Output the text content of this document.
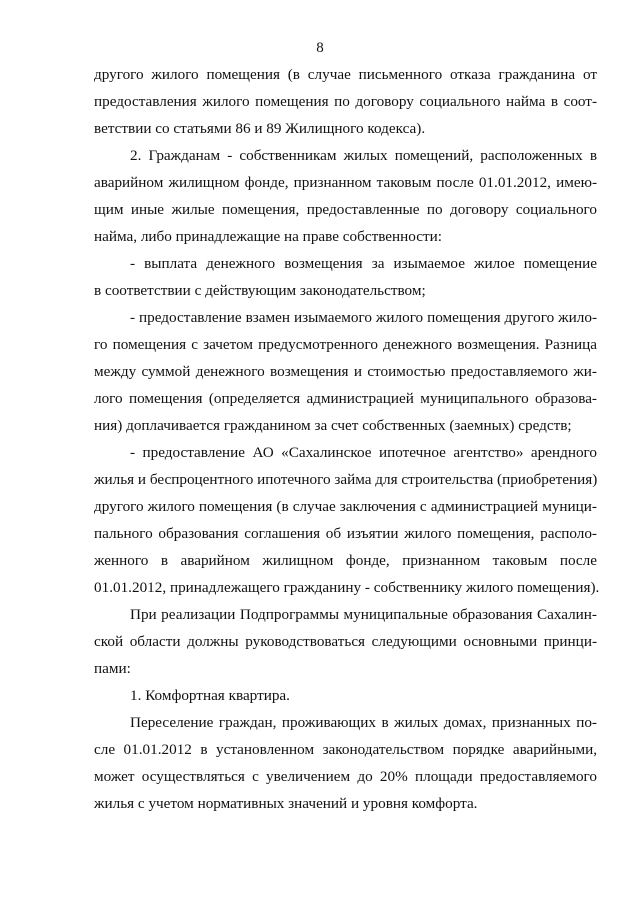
8
другого жилого помещения (в случае письменного отказа гражданина от
предоставления жилого помещения по договору социального найма в соот-
ветствии со статьями 86 и 89 Жилищного кодекса).
2. Гражданам - собственникам жилых помещений, расположенных в
аварийном жилищном фонде, признанном таковым после 01.01.2012, имею-
щим иные жилые помещения, предоставленные по договору социального
найма, либо принадлежащие на праве собственности:
- выплата денежного возмещения за изымаемое жилое помещение
в соответствии с действующим законодательством;
- предоставление взамен изымаемого жилого помещения другого жило-
го помещения с зачетом предусмотренного денежного возмещения. Разница
между суммой денежного возмещения и стоимостью предоставляемого жи-
лого помещения (определяется администрацией муниципального образова-
ния) доплачивается гражданином за счет собственных (заемных) средств;
- предоставление АО «Сахалинское ипотечное агентство» арендного
жилья и беспроцентного ипотечного займа для строительства (приобретения)
другого жилого помещения (в случае заключения с администрацией муници-
пального образования соглашения об изъятии жилого помещения, располо-
женного в аварийном жилищном фонде, признанном таковым после
01.01.2012, принадлежащего гражданину - собственнику жилого помещения).
При реализации Подпрограммы муниципальные образования Сахалин-
ской области должны руководствоваться следующими основными принци-
пами:
1. Комфортная квартира.
Переселение граждан, проживающих в жилых домах, признанных по-
сле 01.01.2012 в установленном законодательством порядке аварийными,
может осуществляться с увеличением до 20% площади предоставляемого
жилья с учетом нормативных значений и уровня комфорта.
